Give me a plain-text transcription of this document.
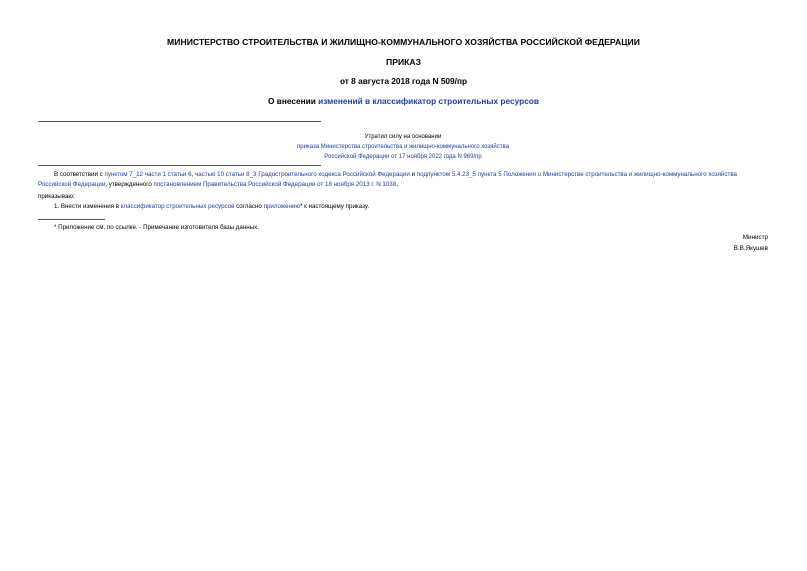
МИНИСТЕРСТВО СТРОИТЕЛЬСТВА И ЖИЛИЩНО-КОММУНАЛЬНОГО ХОЗЯЙСТВА РОССИЙСКОЙ ФЕДЕРАЦИИ
ПРИКАЗ
от 8 августа 2018 года N 509/пр
О внесении изменений в классификатор строительных ресурсов
Утратил силу на основании
приказа Министерства строительства и жилищно-коммунального хозяйства
Российской Федерации от 17 ноября 2022 года N 969/пр
В соответствии с пунктом 7_12 части 1 статьи 6, частью 10 статьи 8_3 Градостроительного кодекса Российской Федерации и подпунктом 5.4.23_5 пункта 5 Положения о Министерстве строительства и жилищно-коммунального хозяйства Российской Федерации, утвержденного постановлением Правительства Российской Федерации от 18 ноября 2013 г. N 1038,
приказываю:
1. Внести изменения в классификатор строительных ресурсов согласно приложению* к настоящему приказу.
* Приложение см. по ссылке. - Примечание изготовителя базы данных.
Министр
В.В.Якушев
